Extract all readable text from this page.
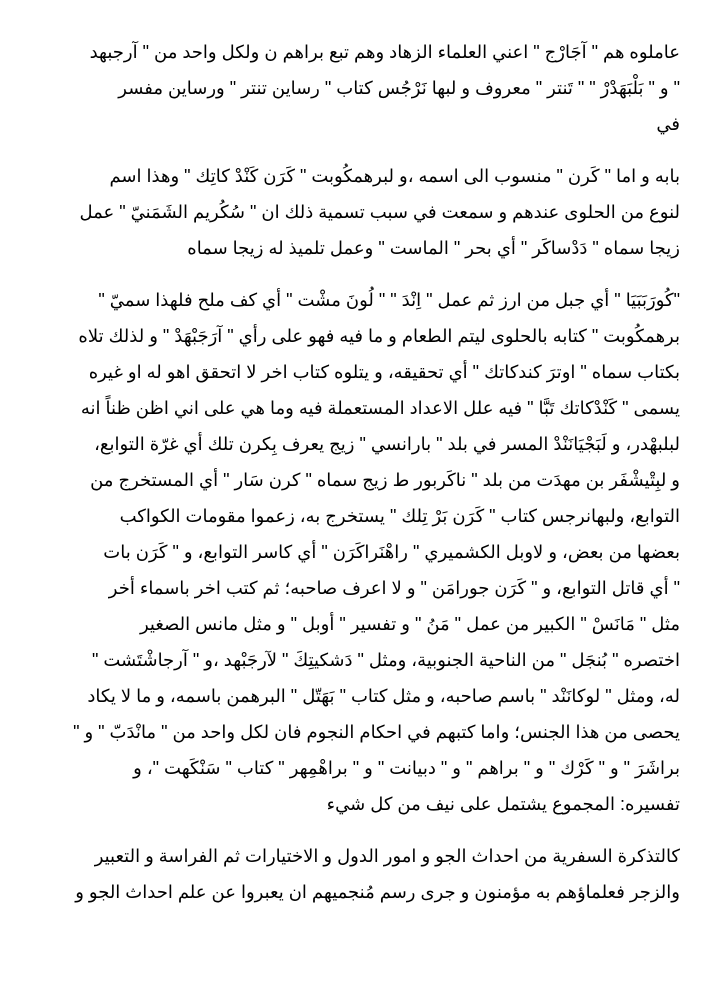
عاملوه هم " آجَارْج " اعني العلماء الزهاد وهم تبع براهم ن ولكل واحد من " آرجبهد
" و " بَلْبَهَدْرْ " " تَنتر " معروف و لبها نَرْجُس كتاب " رساين تنتر " ورساين مفسر
في

بابه و اما " كَرن " منسوب الى اسمه ،و لبرهمكُوبت " كَرَن كَنْدْ كاتِك " وهذا اسم
لنوع من الحلوى عندهم و سمعت في سبب تسمية ذلك ان " سُكُريم الشَمَنيّ " عمل
زيجا سماه " دَدْساكَر " أي بحر " الماست " وعمل تلميذ له زيجا سماه

"كُورَبَبَيَا " أي جبل من ارز ثم عمل " اِنْدَ " " لُونَ مشْت " أي كف ملح فلهذا سميّ "
برهمكُوبت " كتابه بالحلوى ليتم الطعام و ما فيه فهو على رأي " آرَجَبْهَدْ " و لذلك تلاه
بكتاب سماه " اوترَ كندكاتك " أي تحقيقه، و يتلوه كتاب اخر لا اتحقق اهو له او غيره
يسمى " كَنْدْكاتك تَبَّا " فيه علل الاعداد المستعملة فيه وما هي على اني اظن ظناً انه
لبلبهْدر، و لَبَجْيَانَنْدْ المسر في بلد " بارانسي " زيج يعرف بِكرن تلك أي غرّة التوابع،
و لبِتْيشْفَر بن مهدَت من بلد " ناكَربور ط زيج سماه " كرن سَار " أي المستخرج من
التوابع، ولبهانرجس كتاب " كَرَن بَرْ تِلك " يستخرج به، زعموا مقومات الكواكب
بعضها من بعض، و لاوبل الكشميري " راهْنَراكَرَن " أي كاسر التوابع، و " كَرَن بات
" أي قاتل التوابع، و " كَرَن جورامَن " و لا اعرف صاحبه؛ ثم كتب اخر باسماء أخر
مثل " مَانَسْ " الكبير من عمل " مَنُ " و تفسير " أوبل " و مثل مانس الصغير
اختصره " بُنجَل " من الناحية الجنوبية، ومثل " دَشكيتِكَ " لآرجَبْهد ،و " آرجاشْتَشت "
له، ومثل " لوكانَنْد " باسم صاحبه، و مثل كتاب " بَهَتّل " البرهمن باسمه، و ما لا يكاد
يحصى من هذا الجنس؛ واما كتبهم في احكام النجوم فان لكل واحد من " مانْدَبّ " و "
براشَرَ " و " كَرْك " و " براهم " و " دبيانت " و " براهْمِهر " كتاب " سَنْكَهت "، و
تفسيره: المجموع يشتمل على نيف من كل شيء

كالتذكرة السفرية من احداث الجو و امور الدول و الاختيارات ثم الفراسة و التعبير
والزجر فعلماؤهم به مؤمنون و جرى رسم مُنجميهم ان يعبروا عن علم احداث الجو و
